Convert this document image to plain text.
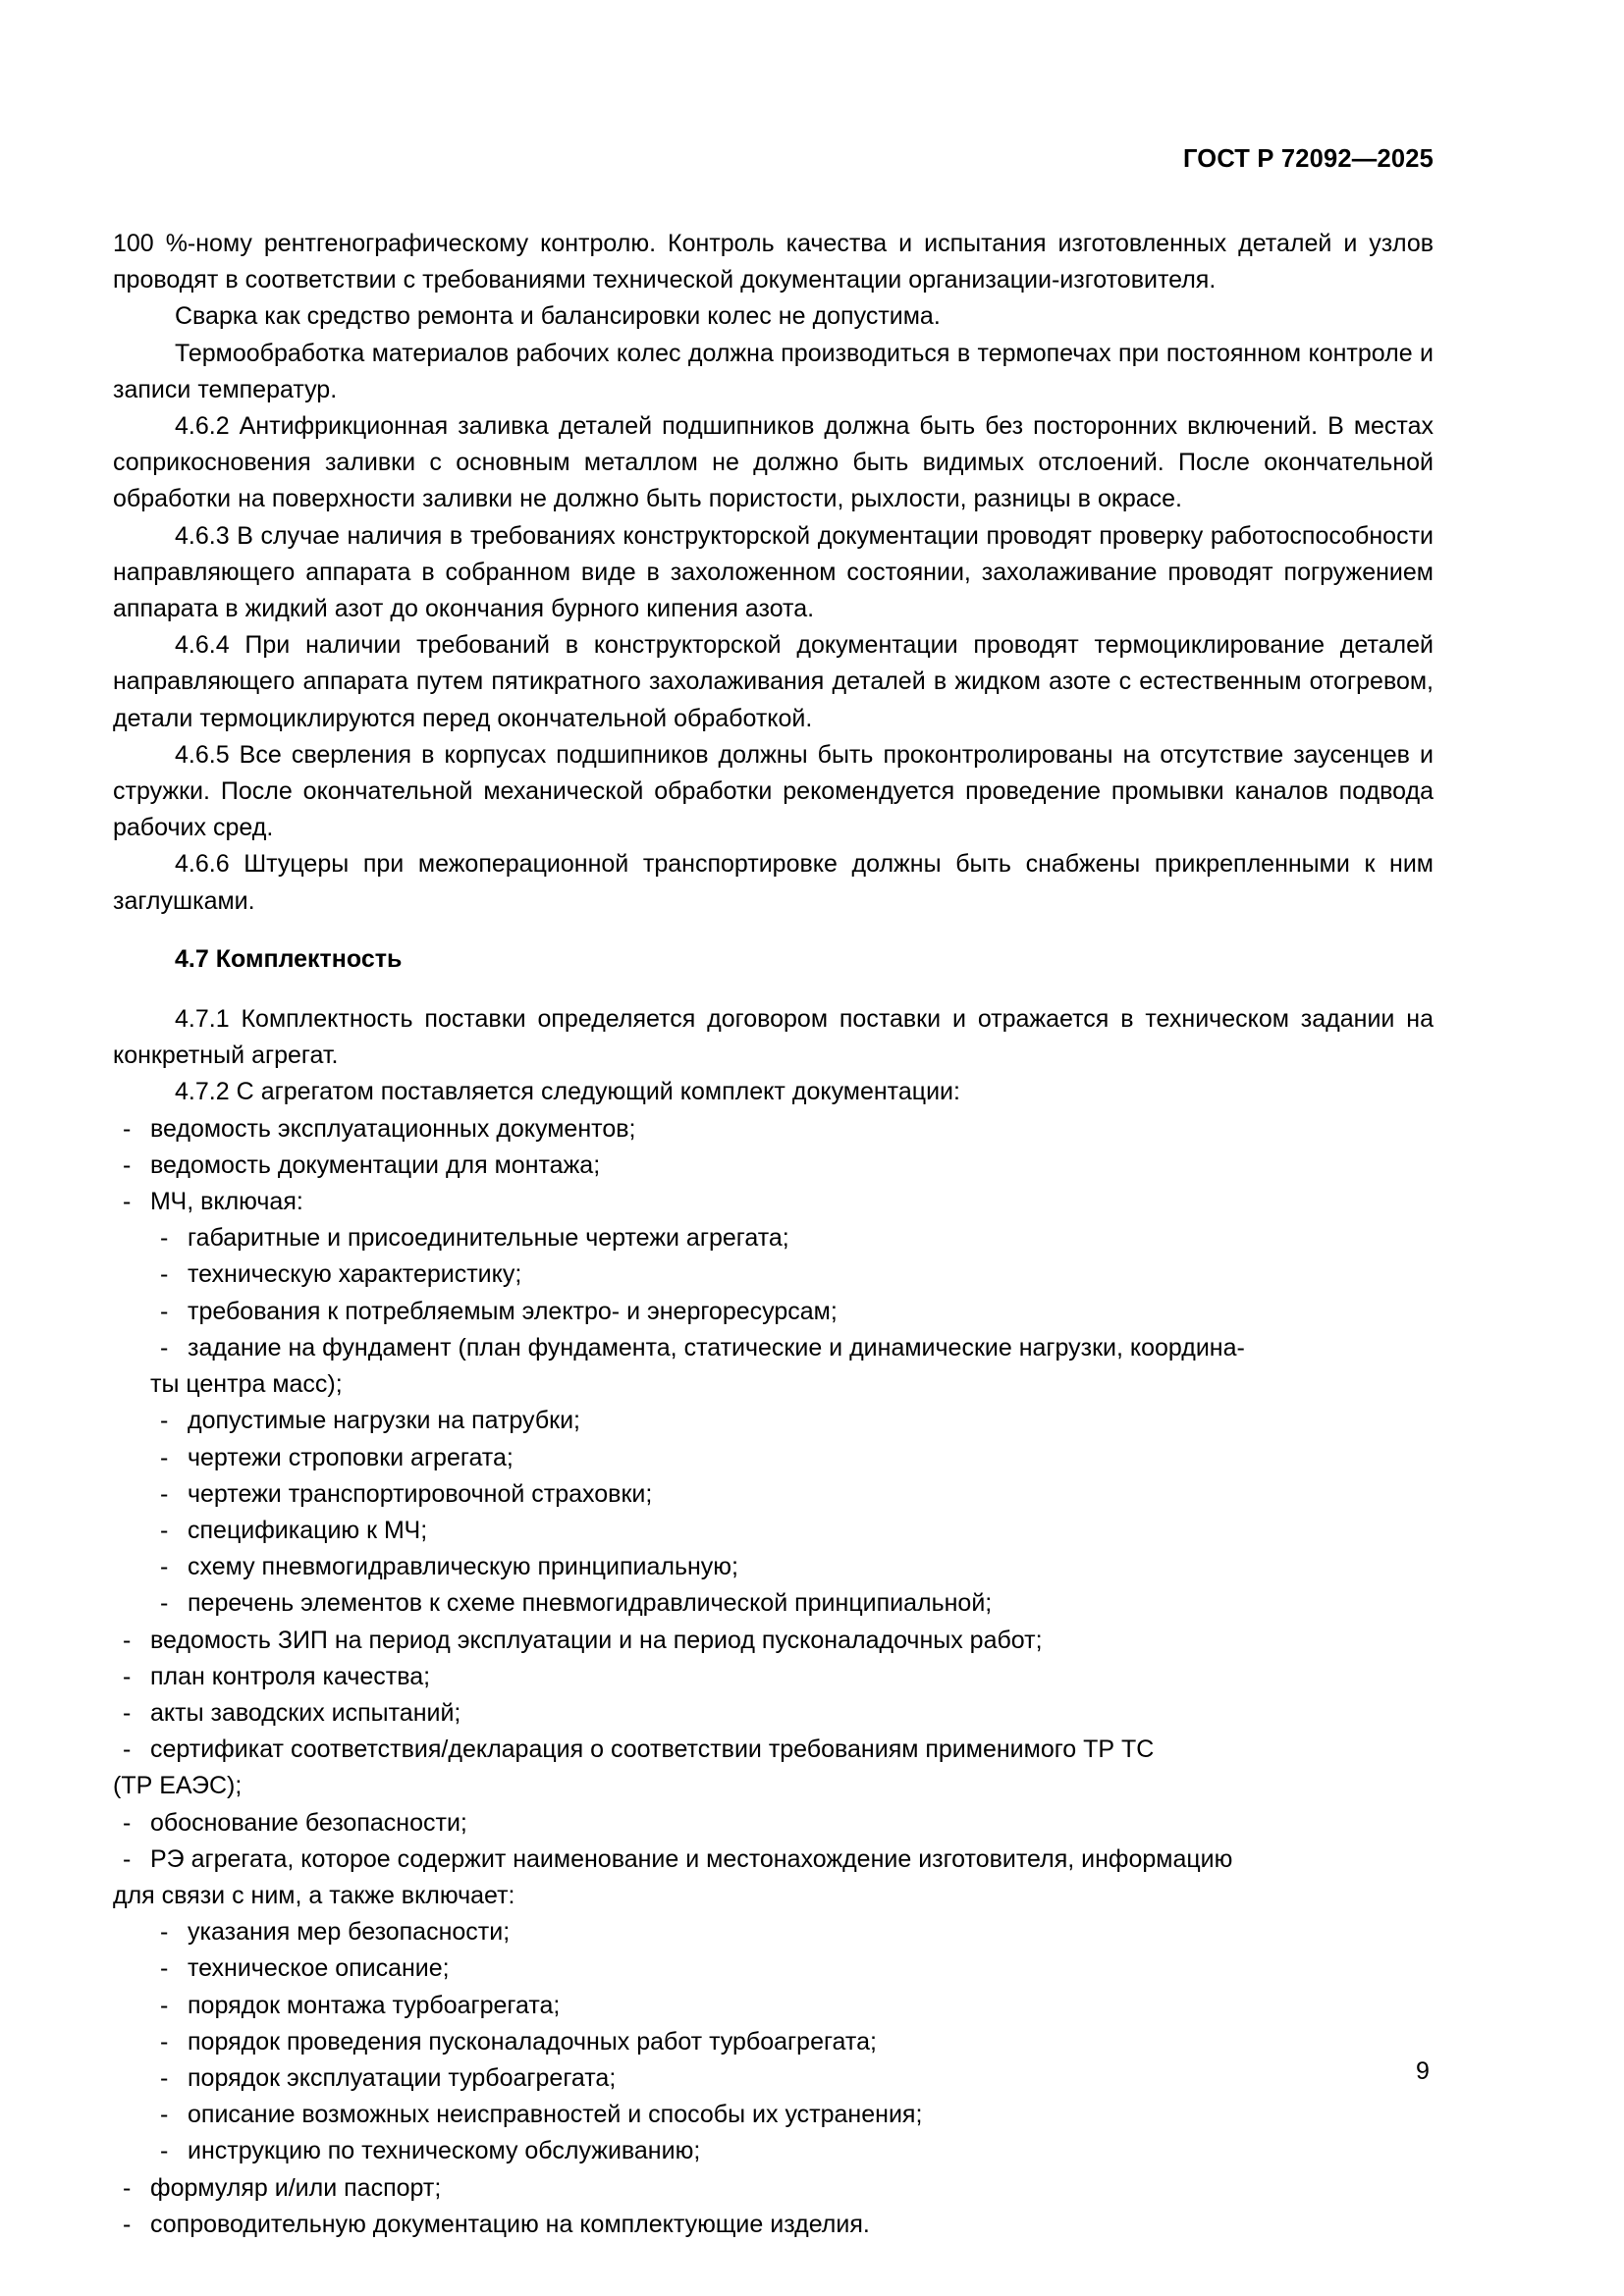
ГОСТ Р 72092—2025

100 %-ному рентгенографическому контролю. Контроль качества и испытания изготовленных деталей и узлов проводят в соответствии с требованиями технической документации организации-изготовителя.

Сварка как средство ремонта и балансировки колес не допустима.

Термообработка материалов рабочих колес должна производиться в термопечах при постоянном контроле и записи температур.

4.6.2 Антифрикционная заливка деталей подшипников должна быть без посторонних включений. В местах соприкосновения заливки с основным металлом не должно быть видимых отслоений. После окончательной обработки на поверхности заливки не должно быть пористости, рыхлости, разницы в окрасе.

4.6.3 В случае наличия в требованиях конструкторской документации проводят проверку работоспособности направляющего аппарата в собранном виде в захоложенном состоянии, захолаживание проводят погружением аппарата в жидкий азот до окончания бурного кипения азота.

4.6.4 При наличии требований в конструкторской документации проводят термоциклирование деталей направляющего аппарата путем пятикратного захолаживания деталей в жидком азоте с естественным отогревом, детали термоциклируются перед окончательной обработкой.

4.6.5 Все сверления в корпусах подшипников должны быть проконтролированы на отсутствие заусенцев и стружки. После окончательной механической обработки рекомендуется проведение промывки каналов подвода рабочих сред.

4.6.6 Штуцеры при межоперационной транспортировке должны быть снабжены прикрепленными к ним заглушками.

4.7 Комплектность

4.7.1 Комплектность поставки определяется договором поставки и отражается в техническом задании на конкретный агрегат.

4.7.2 С агрегатом поставляется следующий комплект документации:

- ведомость эксплуатационных документов;
- ведомость документации для монтажа;
- МЧ, включая:
- габаритные и присоединительные чертежи агрегата;
- техническую характеристику;
- требования к потребляемым электро- и энергоресурсам;
- задание на фундамент (план фундамента, статические и динамические нагрузки, координа-
ты центра масс);
- допустимые нагрузки на патрубки;
- чертежи строповки агрегата;
- чертежи транспортировочной страховки;
- спецификацию к МЧ;
- схему пневмогидравлическую принципиальную;
- перечень элементов к схеме пневмогидравлической принципиальной;
- ведомость ЗИП на период эксплуатации и на период пусконаладочных работ;
- план контроля качества;
- акты заводских испытаний;
- сертификат соответствия/декларация о соответствии требованиям применимого ТР ТС
(ТР ЕАЭС);
- обоснование безопасности;
- РЭ агрегата, которое содержит наименование и местонахождение изготовителя, информацию
для связи с ним, а также включает:
- указания мер безопасности;
- техническое описание;
- порядок монтажа турбоагрегата;
- порядок проведения пусконаладочных работ турбоагрегата;
- порядок эксплуатации турбоагрегата;
- описание возможных неисправностей и способы их устранения;
- инструкцию по техническому обслуживанию;
- формуляр и/или паспорт;
- сопроводительную документацию на комплектующие изделия.
9
